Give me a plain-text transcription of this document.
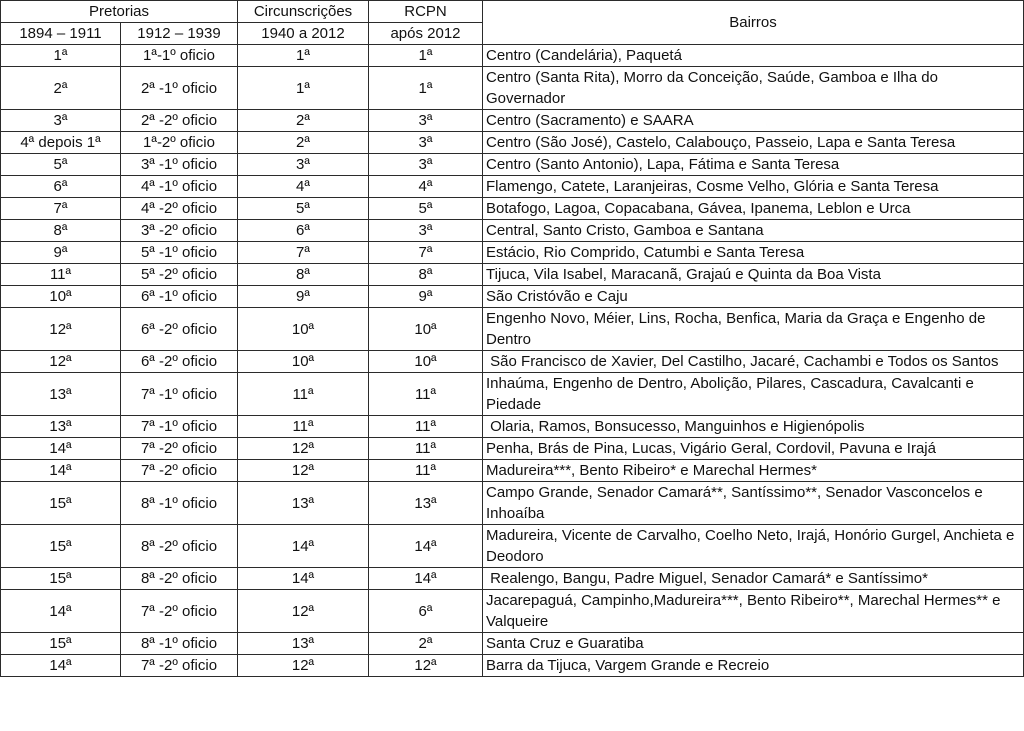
Pretorias		Circunscrições	RCPN	Bairros
1894 – 1911	1912 – 1939	1940 a 2012	após 2012	
1ª	1ª-1º oficio	1ª	1ª	Centro (Candelária), Paquetá
2ª	2ª -1º oficio	1ª	1ª	Centro (Santa Rita), Morro da Conceição, Saúde, Gamboa e Ilha do Governador
3ª	2ª -2º oficio	2ª	3ª	Centro (Sacramento) e SAARA
4ª depois 1ª	1ª-2º oficio	2ª	3ª	Centro (São José), Castelo, Calabouço, Passeio, Lapa e Santa Teresa
5ª	3ª -1º oficio	3ª	3ª	Centro (Santo Antonio), Lapa, Fátima e Santa Teresa
6ª	4ª -1º oficio	4ª	4ª	Flamengo, Catete, Laranjeiras, Cosme Velho, Glória e Santa Teresa
7ª	4ª -2º oficio	5ª	5ª	Botafogo, Lagoa, Copacabana, Gávea, Ipanema, Leblon e Urca
8ª	3ª -2º oficio	6ª	3ª	Central, Santo Cristo, Gamboa e Santana
9ª	5ª -1º oficio	7ª	7ª	Estácio, Rio Comprido, Catumbi e Santa Teresa
11ª	5ª -2º oficio	8ª	8ª	Tijuca, Vila Isabel, Maracanã, Grajaú e Quinta da Boa Vista
10ª	6ª -1º oficio	9ª	9ª	São Cristóvão e Caju
12ª	6ª -2º oficio	10ª	10ª	Engenho Novo, Méier, Lins, Rocha, Benfica, Maria da Graça e Engenho de Dentro
12ª	6ª -2º oficio	10ª	10ª	São Francisco de Xavier, Del Castilho, Jacaré, Cachambi e Todos os Santos
13ª	7ª -1º oficio	11ª	11ª	Inhaúma, Engenho de Dentro, Abolição, Pilares, Cascadura, Cavalcanti e Piedade
13ª	7ª -1º oficio	11ª	11ª	Olaria, Ramos, Bonsucesso, Manguinhos e Higienópolis
14ª	7ª -2º oficio	12ª	11ª	Penha, Brás de Pina, Lucas, Vigário Geral, Cordovil, Pavuna e Irajá
14ª	7ª -2º oficio	12ª	11ª	Madureira***, Bento Ribeiro* e Marechal Hermes*
15ª	8ª -1º oficio	13ª	13ª	Campo Grande, Senador Camará**, Santíssimo**, Senador Vasconcelos e Inhoaíba
15ª	8ª -2º oficio	14ª	14ª	Madureira, Vicente de Carvalho, Coelho Neto, Irajá, Honório Gurgel, Anchieta e Deodoro
15ª	8ª -2º oficio	14ª	14ª	Realengo, Bangu, Padre Miguel, Senador Camará* e Santíssimo*
14ª	7ª -2º oficio	12ª	6ª	Jacarepaguá, Campinho,Madureira***, Bento Ribeiro**, Marechal Hermes** e Valqueire
15ª	8ª -1º oficio	13ª	2ª	Santa Cruz e Guaratiba
14ª	7ª -2º oficio	12ª	12ª	Barra da Tijuca, Vargem Grande e Recreio
